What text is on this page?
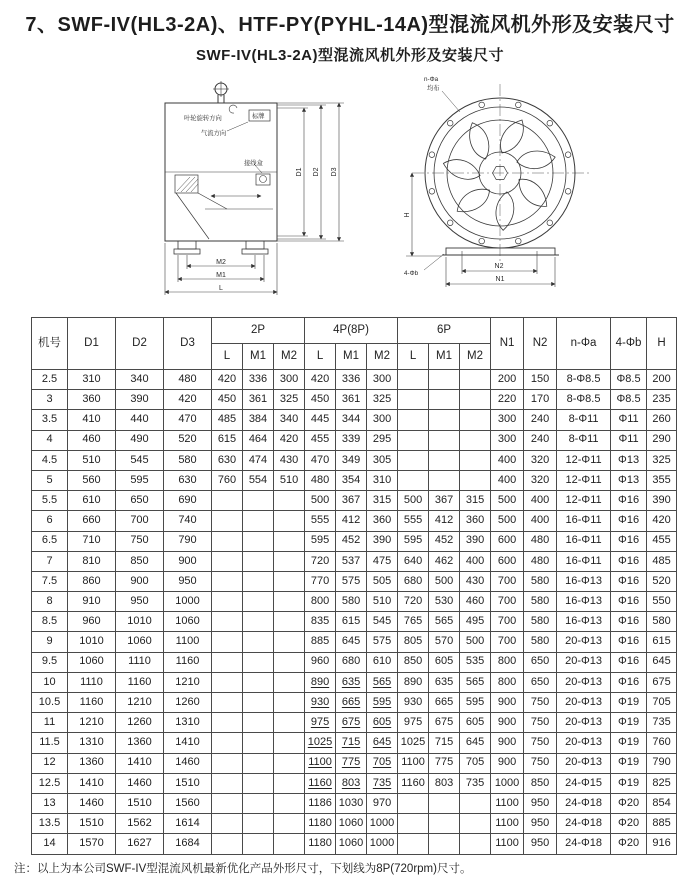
7、SWF-IV(HL3-2A)、HTF-PY(PYHL-14A)型混流风机外形及安装尺寸
SWF-IV(HL3-2A)型混流风机外形及安装尺寸
叶轮旋转方向	标牌
气流方向
接线盒
D1 D2 D3
M2
M1
L
n-Φa
均布
4-Φb
H
N2
N1
机号	D1	D2	D3	2P			4P(8P)			6P			N1	N2	n-Φa	4-Φb	H
				L	M1	M2	L	M1	M2	L	M1	M2					
2.5	310	340	480	420	336	300	420	336	300				200	150	8-Φ8.5	Φ8.5	200
3	360	390	420	450	361	325	450	361	325				220	170	8-Φ8.5	Φ8.5	235
3.5	410	440	470	485	384	340	445	344	300				300	240	8-Φ11	Φ11	260
4	460	490	520	615	464	420	455	339	295				300	240	8-Φ11	Φ11	290
4.5	510	545	580	630	474	430	470	349	305				400	320	12-Φ11	Φ13	325
5	560	595	630	760	554	510	480	354	310				400	320	12-Φ11	Φ13	355
5.5	610	650	690				500	367	315	500	367	315	500	400	12-Φ11	Φ16	390
6	660	700	740				555	412	360	555	412	360	500	400	16-Φ11	Φ16	420
6.5	710	750	790				595	452	390	595	452	390	600	480	16-Φ11	Φ16	455
7	810	850	900				720	537	475	640	462	400	600	480	16-Φ11	Φ16	485
7.5	860	900	950				770	575	505	680	500	430	700	580	16-Φ13	Φ16	520
8	910	950	1000				800	580	510	720	530	460	700	580	16-Φ13	Φ16	550
8.5	960	1010	1060				835	615	545	765	565	495	700	580	16-Φ13	Φ16	580
9	1010	1060	1100				885	645	575	805	570	500	700	580	20-Φ13	Φ16	615
9.5	1060	1110	1160				960	680	610	850	605	535	800	650	20-Φ13	Φ16	645
10	1110	1160	1210				890	635	565	890	635	565	800	650	20-Φ13	Φ16	675
10.5	1160	1210	1260				930	665	595	930	665	595	900	750	20-Φ13	Φ19	705
11	1210	1260	1310				975	675	605	975	675	605	900	750	20-Φ13	Φ19	735
11.5	1310	1360	1410				1025	715	645	1025	715	645	900	750	20-Φ13	Φ19	760
12	1360	1410	1460				1100	775	705	1100	775	705	900	750	20-Φ13	Φ19	790
12.5	1410	1460	1510				1160	803	735	1160	803	735	1000	850	24-Φ15	Φ19	825
13	1460	1510	1560				1186	1030	970				1100	950	24-Φ18	Φ20	854
13.5	1510	1562	1614				1180	1060	1000				1100	950	24-Φ18	Φ20	885
14	1570	1627	1684				1180	1060	1000				1100	950	24-Φ18	Φ20	916
注：以上为本公司SWF-IV型混流风机最新优化产品外形尺寸，下划线为8P(720rpm)尺寸。
